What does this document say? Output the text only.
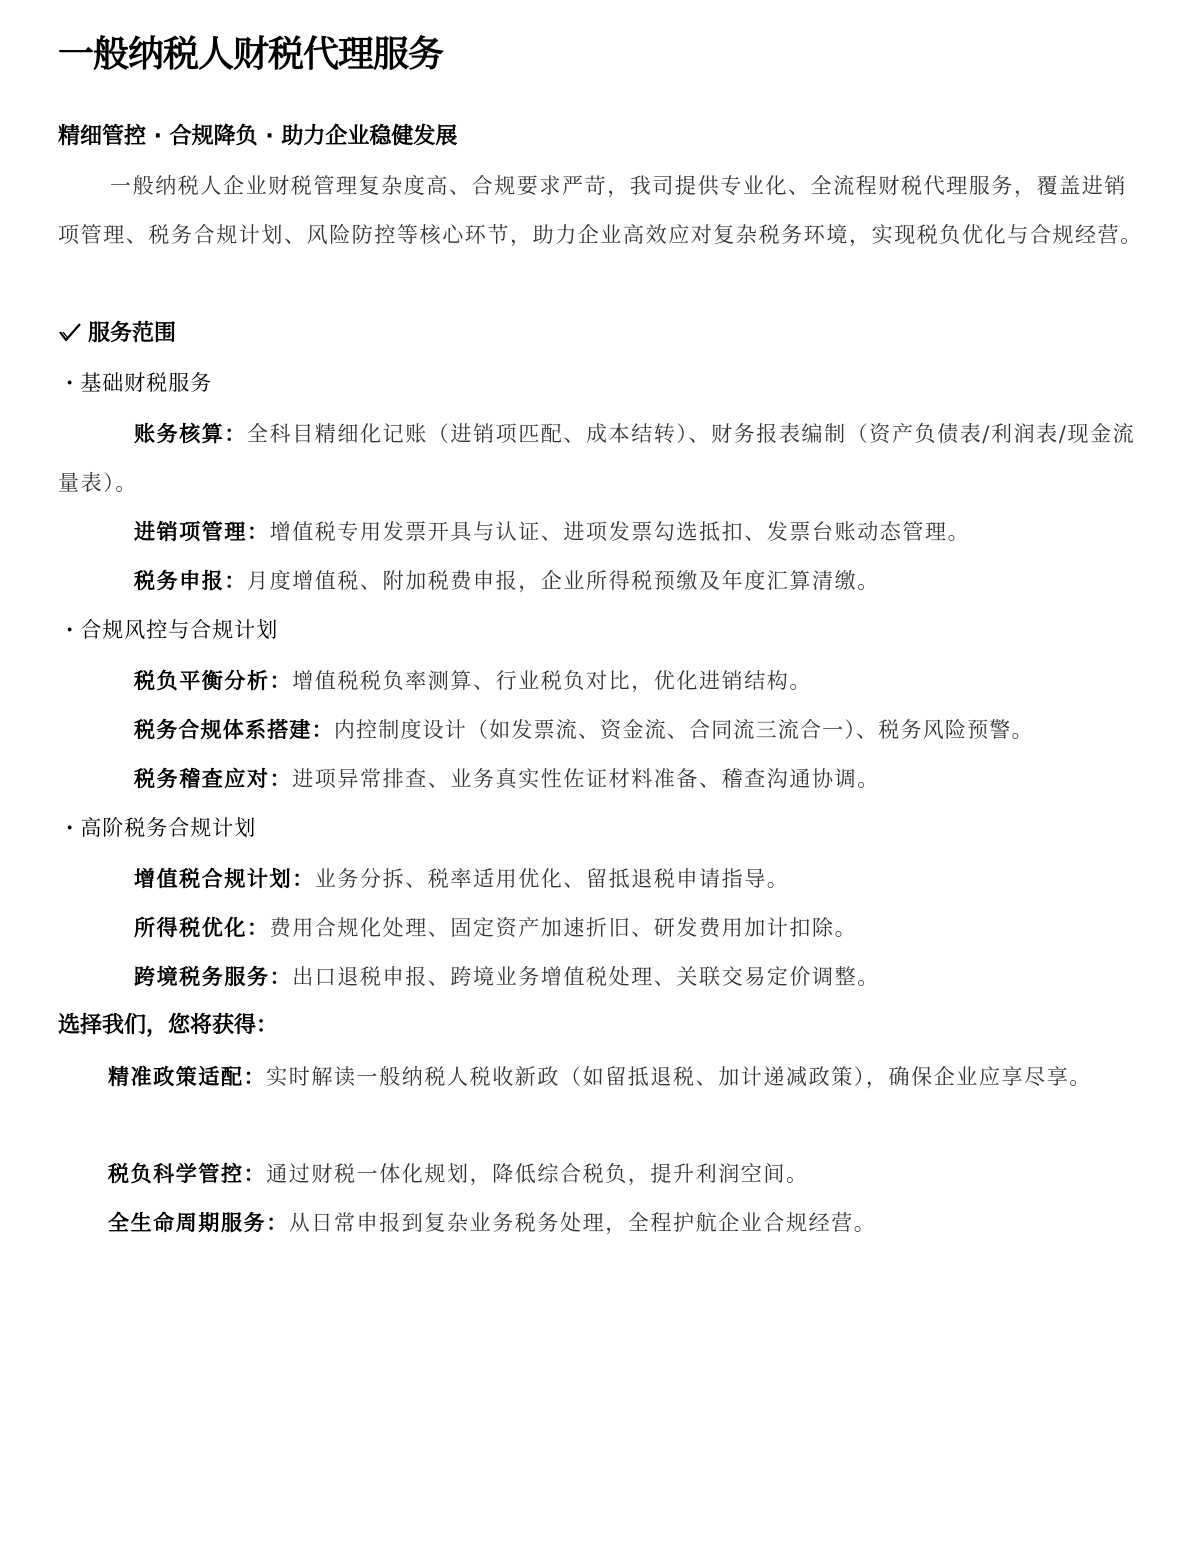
一般纳税人财税代理服务
精细管控 · 合规降负 · 助力企业稳健发展
一般纳税人企业财税管理复杂度高、合规要求严苛，我司提供专业化、全流程财税代理服务，覆盖进销项管理、税务合规计划、风险防控等核心环节，助力企业高效应对复杂税务环境，实现税负优化与合规经营。
服务范围
· 基础财税服务
账务核算：全科目精细化记账（进销项匹配、成本结转）、财务报表编制（资产负债表/利润表/现金流量表）。
进销项管理：增值税专用发票开具与认证、进项发票勾选抵扣、发票台账动态管理。
税务申报：月度增值税、附加税费申报，企业所得税预缴及年度汇算清缴。
· 合规风控与合规计划
税负平衡分析：增值税税负率测算、行业税负对比，优化进销结构。
税务合规体系搭建：内控制度设计（如发票流、资金流、合同流三流合一）、税务风险预警。
税务稽查应对：进项异常排查、业务真实性佐证材料准备、稽查沟通协调。
· 高阶税务合规计划
增值税合规计划：业务分拆、税率适用优化、留抵退税申请指导。
所得税优化：费用合规化处理、固定资产加速折旧、研发费用加计扣除。
跨境税务服务：出口退税申报、跨境业务增值税处理、关联交易定价调整。
选择我们，您将获得：
精准政策适配：实时解读一般纳税人税收新政（如留抵退税、加计递减政策），确保企业应享尽享。
税负科学管控：通过财税一体化规划，降低综合税负，提升利润空间。
全生命周期服务：从日常申报到复杂业务税务处理，全程护航企业合规经营。
